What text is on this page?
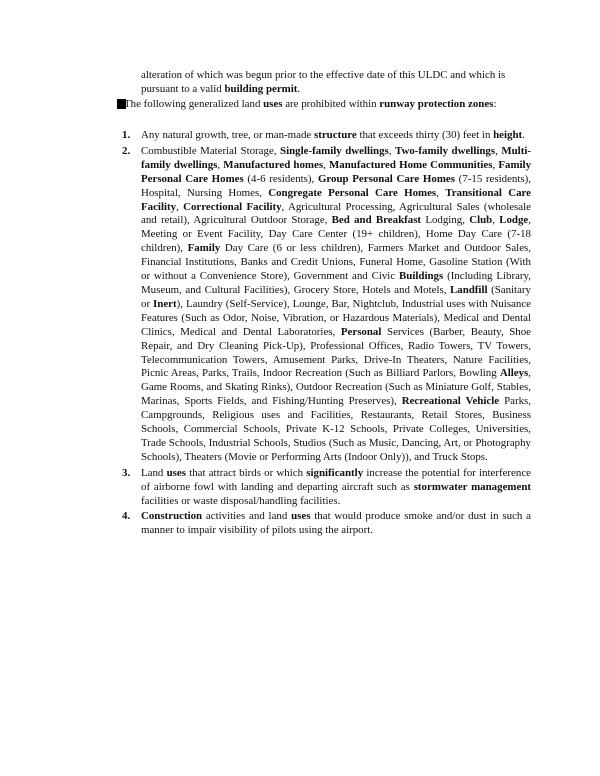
alteration of which was begun prior to the effective date of this ULDC and which is pursuant to a valid building permit.
The following generalized land uses are prohibited within runway protection zones:
1. Any natural growth, tree, or man-made structure that exceeds thirty (30) feet in height.
2. Combustible Material Storage, Single-family dwellings, Two-family dwellings, Multi-family dwellings, Manufactured homes, Manufactured Home Communities, Family Personal Care Homes (4-6 residents), Group Personal Care Homes (7-15 residents), Hospital, Nursing Homes, Congregate Personal Care Homes, Transitional Care Facility, Correctional Facility, Agricultural Processing, Agricultural Sales (wholesale and retail), Agricultural Outdoor Storage, Bed and Breakfast Lodging, Club, Lodge, Meeting or Event Facility, Day Care Center (19+ children), Home Day Care (7-18 children), Family Day Care (6 or less children), Farmers Market and Outdoor Sales, Financial Institutions, Banks and Credit Unions, Funeral Home, Gasoline Station (With or without a Convenience Store), Government and Civic Buildings (Including Library, Museum, and Cultural Facilities), Grocery Store, Hotels and Motels, Landfill (Sanitary or Inert), Laundry (Self-Service), Lounge, Bar, Nightclub, Industrial uses with Nuisance Features (Such as Odor, Noise, Vibration, or Hazardous Materials), Medical and Dental Clinics, Medical and Dental Laboratories, Personal Services (Barber, Beauty, Shoe Repair, and Dry Cleaning Pick-Up), Professional Offices, Radio Towers, TV Towers, Telecommunication Towers, Amusement Parks, Drive-In Theaters, Nature Facilities, Picnic Areas, Parks, Trails, Indoor Recreation (Such as Billiard Parlors, Bowling Alleys, Game Rooms, and Skating Rinks), Outdoor Recreation (Such as Miniature Golf, Stables, Marinas, Sports Fields, and Fishing/Hunting Preserves), Recreational Vehicle Parks, Campgrounds, Religious uses and Facilities, Restaurants, Retail Stores, Business Schools, Commercial Schools, Private K-12 Schools, Private Colleges, Universities, Trade Schools, Industrial Schools, Studios (Such as Music, Dancing, Art, or Photography Schools), Theaters (Movie or Performing Arts (Indoor Only)), and Truck Stops.
3. Land uses that attract birds or which significantly increase the potential for interference of airborne fowl with landing and departing aircraft such as stormwater management facilities or waste disposal/handling facilities.
4. Construction activities and land uses that would produce smoke and/or dust in such a manner to impair visibility of pilots using the airport.
